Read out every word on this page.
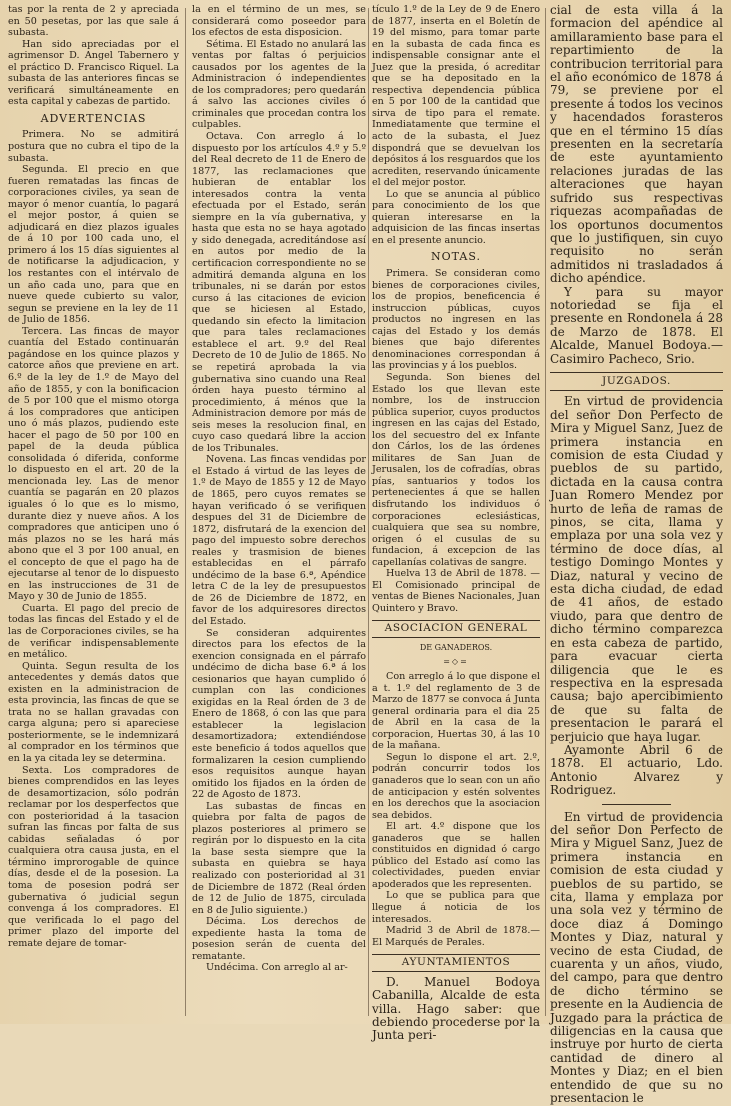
tas por la renta de 2 y apreciada en 50 pesetas, por las que sale á subasta.

Han sido apreciadas por el agrimensor D. Angel Tabernero y el práctico D. Francisco Riquel. La subasta de las anteriores fincas se verificará simultáneamente en esta capital y cabezas de partido.

ADVERTENCIAS

Primera. No se admitirá postura que no cubra el tipo de la subasta.

Segunda. El precio en que fueren rematadas las fincas de corporaciones civiles, ya sean de mayor ó menor cuantía, lo pagará el mejor postor, á quien se adjudicará en diez plazos iguales de á 10 por 100 cada uno, el primero á los 15 días siguientes al de notificarse la adjudicacion, y los restantes con el intérvalo de un año cada uno, para que en nueve quede cubierto su valor, segun se previene en la ley de 11 de Julio de 1856.

Tercera. Las fincas de mayor cuantía del Estado continuarán pagándose en los quince plazos y catorce años que previene en art. 6.º de la ley de 1.º de Mayo del año de 1855, y con la bonificacion de 5 por 100 que el mismo otorga á los compradores que anticipen uno ó más plazos, pudiendo este hacer el pago de 50 por 100 en papel de la deuda pública consolidada ó diferida, conforme lo dispuesto en el art. 20 de la mencionada ley. Las de menor cuantía se pagarán en 20 plazos iguales ó lo que es lo mismo, durante diez y nueve años. A los compradores que anticipen uno ó más plazos no se les hará más abono que el 3 por 100 anual, en el concepto de que el pago ha de ejecutarse al tenor de lo dispuesto en las instrucciones de 31 de Mayo y 30 de Junio de 1855.

Cuarta. El pago del precio de todas las fincas del Estado y el de las de Corporaciones civiles, se ha de verificar indispensablemente en metálico.

Quinta. Segun resulta de los antecedentes y demás datos que existen en la administracion de esta provincia, las fincas de que se trata no se hallan gravadas con carga alguna; pero si apareciese posteriormente, se le indemnizará al comprador en los términos que en la ya citada ley se determina.

Sexta. Los compradores de bienes comprendidos en las leyes de desamortizacion, sólo podrán reclamar por los desperfectos que con posterioridad á la tasacion sufran las fincas por falta de sus cabidas señaladas ó por cualquiera otra causa justa, en el término improrogable de quince días, desde el de la posesion. La toma de posesion podrá ser gubernativa ó judicial segun convenga á los compradores. El que verificada lo el pago del primer plazo del importe del remate dejare de tomar-

la en el término de un mes, se considerará como poseedor para los efectos de esta disposicion.

Sétima. El Estado no anulará las ventas por faltas ó perjuicios causados por los agentes de la Administracion ó independientes de los compradores; pero quedarán á salvo las acciones civiles ó criminales que procedan contra los culpables.

Octava. Con arreglo á lo dispuesto por los artículos 4.º y 5.º del Real decreto de 11 de Enero de 1877, las reclamaciones que hubieran de entablar los interesados contra la venta efectuada por el Estado, serán siempre en la vía gubernativa, y hasta que esta no se haya agotado y sido denegada, acreditándose así en autos por medio de la certificacion correspondiente no se admitirá demanda alguna en los tribunales, ni se darán por estos curso á las citaciones de evicion que se hiciesen al Estado, quedando sin efecto la limitacion que para tales reclamaciones establece el art. 9.º del Real Decreto de 10 de Julio de 1865. No se repetirá aprobada la via gubernativa sino cuando una Real órden haya puesto término al procedimiento, á ménos que la Administracion demore por más de seis meses la resolucion final, en cuyo caso quedará libre la accion de los Tribunales.

Novena. Las fincas vendidas por el Estado á virtud de las leyes de 1.º de Mayo de 1855 y 12 de Mayo de 1865, pero cuyos remates se hayan verificado ó se verifiquen despues del 31 de Diciembre de 1872, disfrutará de la exencion del pago del impuesto sobre derechos reales y trasmision de bienes establecidas en el párrafo undécimo de la base 6.ª, Apéndice letra C de la ley de presupuestos de 26 de Diciembre de 1872, en favor de los adquiresores directos del Estado.

Se consideran adquirentes directos para los efectos de la exencion consignada en el párrafo undécimo de dicha base 6.ª á los cesionarios que hayan cumplido ó cumplan con las condiciones exigidas en la Real órden de 3 de Enero de 1868, ó con las que para establecer la legislacion desamortizadora; extendiéndose este beneficio á todos aquellos que formalizaren la cesion cumpliendo esos requisitos aunque hayan omitido los fijados en la órden de 22 de Agosto de 1873.

Las subastas de fincas en quiebra por falta de pagos de plazos posteriores al primero se regirán por lo dispuesto en la cita la base sesta siempre que la subasta en quiebra se haya realizado con posterioridad al 31 de Diciembre de 1872 (Real órden de 12 de Julio de 1875, circulada en 8 de Julio siguiente.)

Décima. Los derechos de expediente hasta la toma de posesion serán de cuenta del rematante.

Undécima. Con arreglo al ar-

tículo 1.º de la Ley de 9 de Enero de 1877, inserta en el Boletín de 19 del mismo, para tomar parte en la subasta de cada finca es indispensable consignar ante el Juez que la presida, ó acreditar que se ha depositado en la respectiva dependencia pública en 5 por 100 de la cantidad que sirva de tipo para el remate. Inmediatamente que termine el acto de la subasta, el Juez dispondrá que se devuelvan los depósitos á los resguardos que los acrediten, reservando únicamente el del mejor postor.

Lo que se anuncia al público para conocimiento de los que quieran interesarse en la adquisicion de las fincas insertas en el presente anuncio.

NOTAS.

Primera. Se consideran como bienes de corporaciones civiles, los de propios, beneficencia é instruccion públicas, cuyos productos no ingresen en las cajas del Estado y los demás bienes que bajo diferentes denominaciones correspondan á las provincias y á los pueblos.

Segunda. Son bienes del Estado los que llevan este nombre, los de instruccion pública superior, cuyos productos ingresen en las cajas del Estado, los del secuestro del ex Infante don Cárlos, los de las órdenes militares de San Juan de Jerusalen, los de cofradías, obras pías, santuarios y todos los pertenecientes á que se hallen disfrutando los individuos ó corporaciones eclesiásticas, cualquiera que sea su nombre, origen ó el cusulas de su fundacion, á excepcion de las capellanías colativas de sangre.

Huelva 13 de Abril de 1878. —El Comisionado principal de ventas de Bienes Nacionales, Juan Quintero y Bravo.

ASOCIACION GENERAL
DE GANADEROS.
=◇=

Con arreglo á lo que dispone el a t. 1.º del reglamento de 3 de Marzo de 1877 se convoca á Junta general ordinaria para el dia 25 de Abril en la casa de la corporacion, Huertas 30, á las 10 de la mañana.

Segun lo dispone el art. 2.º, podrán concurrir todos los ganaderos que lo sean con un año de anticipacion y estén solventes en los derechos que la asociacion sea debidos.

El art. 4.º dispone que los ganaderos que se hallen constituidos en dignidad ó cargo público del Estado así como las colectividades, pueden enviar apoderados que les representen.

Lo que se publica para que llegue á noticia de los interesados.

Madrid 3 de Abril de 1878.— El Marqués de Perales.

AYUNTAMIENTOS

D. Manuel Bodoya Cabanilla, Alcalde de esta villa. Hago saber: que debiendo procederse por la Junta peri-

cial de esta villa á la formacion del apéndice al amillaramiento base para el repartimiento de la contribucion territorial para el año económico de 1878 á 79, se previene por el presente á todos los vecinos y hacendados forasteros que en el término 15 días presenten en la secretaría de este ayuntamiento relaciones juradas de las alteraciones que hayan sufrido sus respectivas riquezas acompañadas de los oportunos documentos que lo justifiquen, sin cuyo requisito no serán admitidos ni trasladados á dicho apéndice.

Y para su mayor notoriedad se fija el presente en Rondonela á 28 de Marzo de 1878. El Alcalde, Manuel Bodoya.—Casimiro Pacheco, Srio.

JUZGADOS.

En virtud de providencia del señor Don Perfecto de Mira y Miguel Sanz, Juez de primera instancia en comision de esta Ciudad y pueblos de su partido, dictada en la causa contra Juan Romero Mendez por hurto de leña de ramas de pinos, se cita, llama y emplaza por una sola vez y término de doce días, al testigo Domingo Montes y Diaz, natural y vecino de esta dicha ciudad, de edad de 41 años, de estado viudo, para que dentro de dicho término comparezca en esta cabeza de partido, para evacuar cierta diligencia que le es respectiva en la espresada causa; bajo apercibimiento de que su falta de presentacion le parará el perjuicio que haya lugar.

Ayamonte Abril 6 de 1878. El actuario, Ldo. Antonio Alvarez y Rodriguez.

En virtud de providencia del señor Don Perfecto de Mira y Miguel Sanz, Juez de primera instancia en comision de esta ciudad y pueblos de su partido, se cita, llama y emplaza por una sola vez y término de doce diaz á Domingo Montes y Diaz, natural y vecino de esta Ciudad, de cuarenta y un años, viudo, del campo, para que dentro de dicho término se presente en la Audiencia de Juzgado para la práctica de diligencias en la causa que instruye por hurto de cierta cantidad de dinero al Montes y Diaz; en el bien entendido de que su no presentacion le
